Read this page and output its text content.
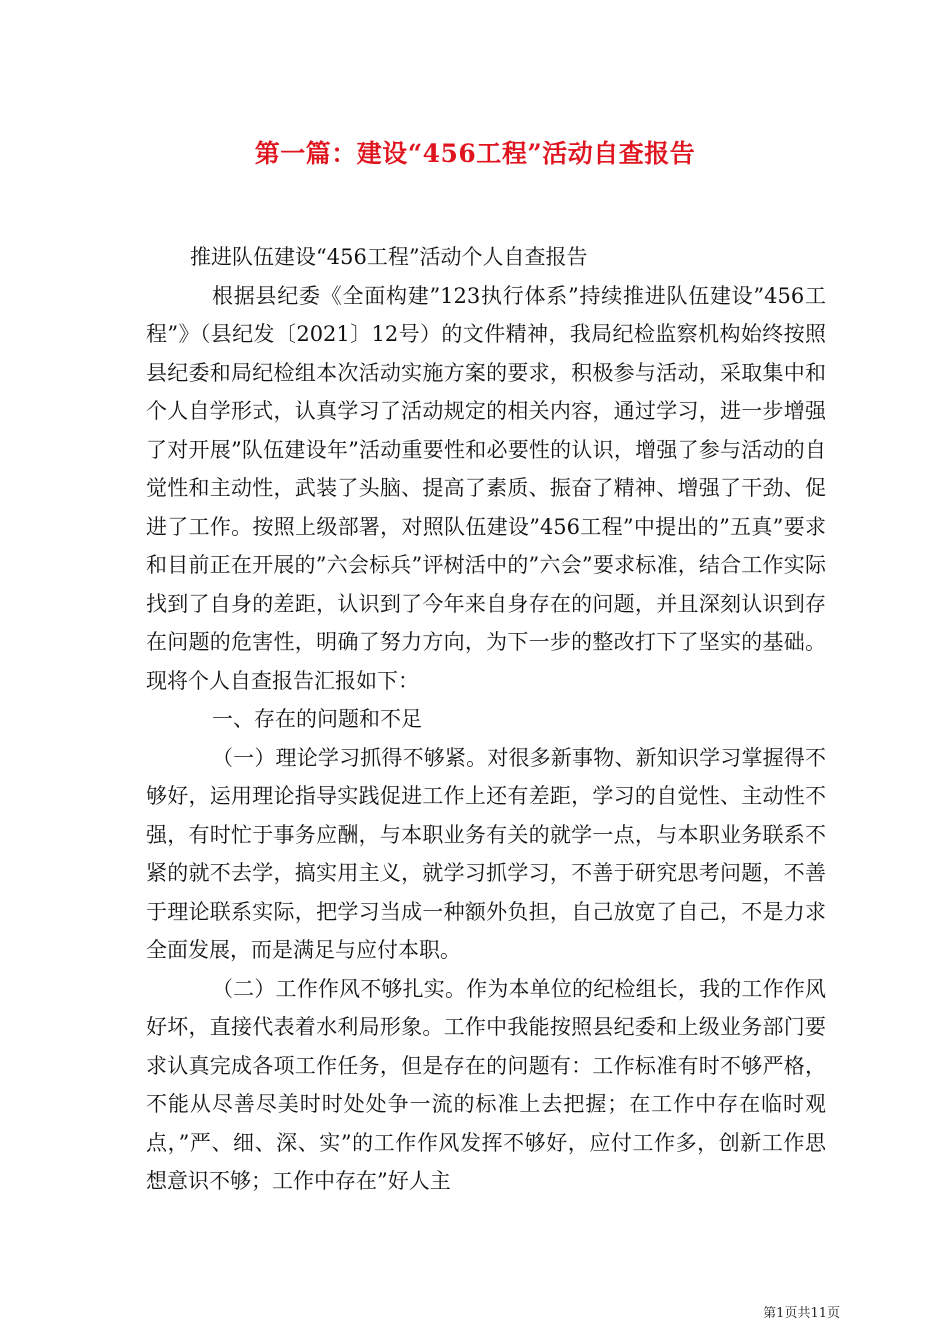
第一篇：建设“456工程”活动自查报告

推进队伍建设“456工程”活动个人自查报告

根据县纪委《全面构建”123执行体系”持续推进队伍建设”456工程”》（县纪发〔2021〕12号）的文件精神，我局纪检监察机构始终按照县纪委和局纪检组本次活动实施方案的要求，积极参与活动，采取集中和个人自学形式，认真学习了活动规定的相关内容，通过学习，进一步增强了对开展”队伍建设年”活动重要性和必要性的认识，增强了参与活动的自觉性和主动性，武装了头脑、提高了素质、振奋了精神、增强了干劲、促进了工作。按照上级部署，对照队伍建设”456工程”中提出的”五真”要求和目前正在开展的”六会标兵”评树活中的”六会”要求标准，结合工作实际找到了自身的差距，认识到了今年来自身存在的问题，并且深刻认识到存在问题的危害性，明确了努力方向，为下一步的整改打下了坚实的基础。现将个人自查报告汇报如下：

一、存在的问题和不足

（一）理论学习抓得不够紧。对很多新事物、新知识学习掌握得不够好，运用理论指导实践促进工作上还有差距，学习的自觉性、主动性不强，有时忙于事务应酬，与本职业务有关的就学一点，与本职业务联系不紧的就不去学，搞实用主义，就学习抓学习，不善于研究思考问题，不善于理论联系实际，把学习当成一种额外负担，自己放宽了自己，不是力求全面发展，而是满足与应付本职。

（二）工作作风不够扎实。作为本单位的纪检组长，我的工作作风好坏，直接代表着水利局形象。工作中我能按照县纪委和上级业务部门要求认真完成各项工作任务，但是存在的问题有：工作标准有时不够严格，不能从尽善尽美时时处处争一流的标准上去把握；在工作中存在临时观点，”严、细、深、实”的工作作风发挥不够好，应付工作多，创新工作思想意识不够；工作中存在”好人主

第1页共11页
